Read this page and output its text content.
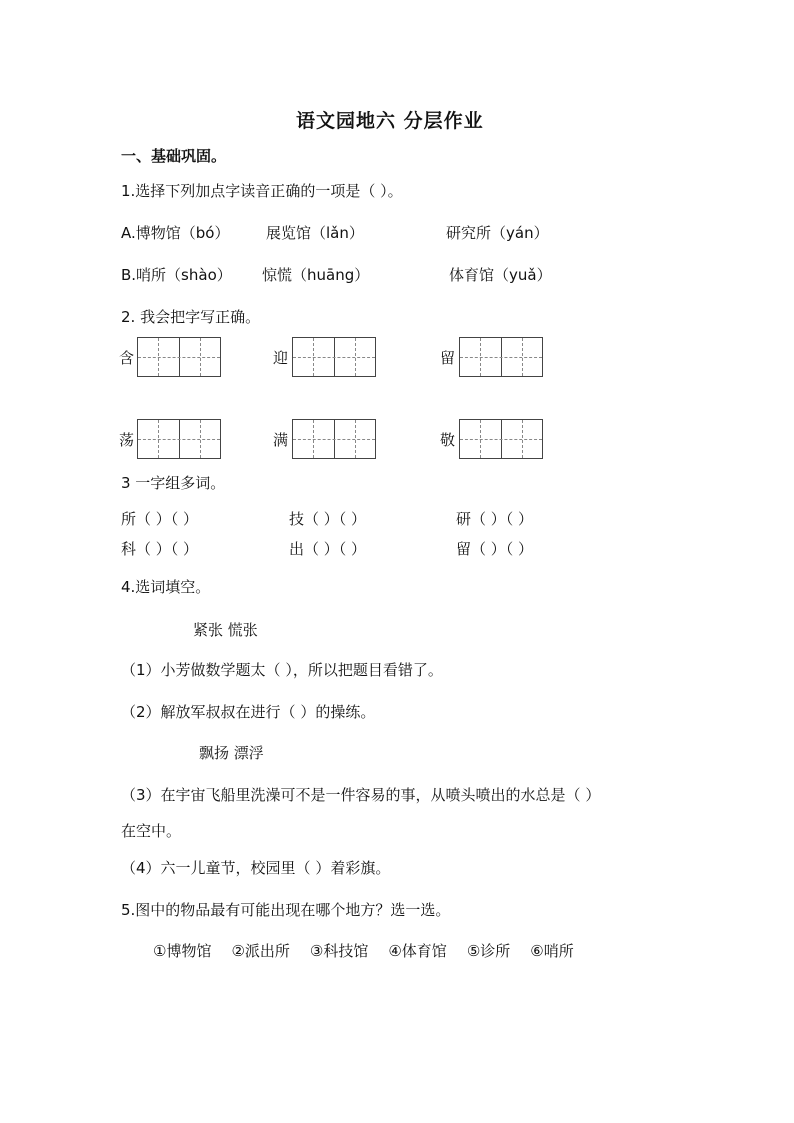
语文园地六 分层作业
一、基础巩固。
1.选择下列加点字读音正确的一项是（ ）。
A.博物馆（bó） 展览馆（lǎn）	研究所（yán）
B.哨所（shào） 惊慌（huāng）	体育馆（yuǎ）
2. 我会把字写正确。
含	迎	留
荡	满	敬
3 一字组多词。
所（ ）（ ）	技（ ）（ ）	研（ ）（ ）
科（ ）（ ）	出（ ）（ ）	留（ ）（ ）
4.选词填空。
紧张 慌张
（1）小芳做数学题太（ ），所以把题目看错了。
（2）解放军叔叔在进行（ ）的操练。
飘扬 漂浮
（3）在宇宙飞船里洗澡可不是一件容易的事，从喷头喷出的水总是（ ）
在空中。
（4）六一儿童节，校园里（ ）着彩旗。
5.图中的物品最有可能出现在哪个地方？选一选。
①博物馆 ②派出所 ③科技馆 ④体育馆 ⑤诊所 ⑥哨所
